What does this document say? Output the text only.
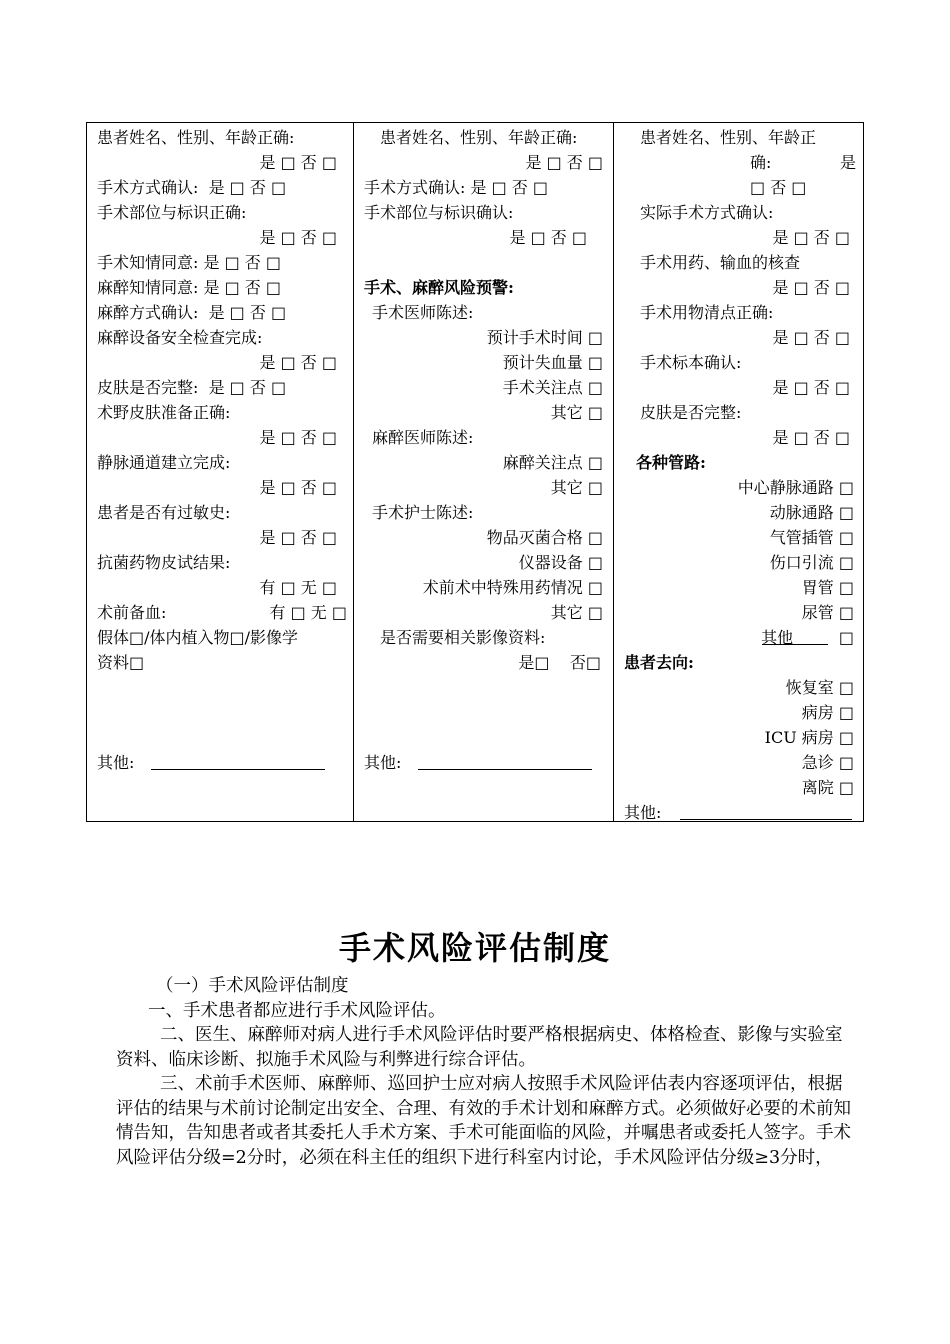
患者姓名、性别、年龄正确:
是 □ 否 □
手术方式确认:  是 □ 否 □
手术部位与标识正确:
是 □ 否 □
手术知情同意: 是 □ 否 □
麻醉知情同意: 是 □ 否 □
麻醉方式确认:  是 □ 否 □
麻醉设备安全检查完成:
是 □ 否 □
皮肤是否完整:  是 □ 否 □
术野皮肤准备正确:
是 □ 否 □
静脉通道建立完成:
是 □ 否 □
患者是否有过敏史:
是 □ 否 □
抗菌药物皮试结果:
有 □ 无 □
术前备血:	有 □ 无 □
假体□/体内植入物□/影像学
资料□
其他:
患者姓名、性别、年龄正确:
是 □ 否 □
手术方式确认: 是 □ 否 □
手术部位与标识确认:
是 □ 否 □
手术、麻醉风险预警:
手术医师陈述:
预计手术时间 □
预计失血量 □
手术关注点 □
其它 □
麻醉医师陈述:
麻醉关注点 □
其它 □
手术护士陈述:
物品灭菌合格 □
仪器设备 □
术前术中特殊用药情况 □
其它 □
是否需要相关影像资料:
是□    否□
其他:
患者姓名、性别、年龄正
确:	是
□ 否 □
实际手术方式确认:
是 □ 否 □
手术用药、输血的核查
是 □ 否 □
手术用物清点正确:
是 □ 否 □
手术标本确认:
是 □ 否 □
皮肤是否完整:
是 □ 否 □
各种管路:
中心静脉通路 □
动脉通路 □
气管插管 □
伤口引流 □
胃管 □
尿管 □
其他         □
患者去向:
恢复室 □
病房 □
ICU 病房 □
急诊 □
离院 □
其他:
手术风险评估制度

（一）手术风险评估制度

一、手术患者都应进行手术风险评估。

二、医生、麻醉师对病人进行手术风险评估时要严格根据病史、体格检查、影像与实验室资料、临床诊断、拟施手术风险与利弊进行综合评估。

三、术前手术医师、麻醉师、巡回护士应对病人按照手术风险评估表内容逐项评估，根据评估的结果与术前讨论制定出安全、合理、有效的手术计划和麻醉方式。必须做好必要的术前知情告知，告知患者或者其委托人手术方案、手术可能面临的风险，并嘱患者或委托人签字。手术风险评估分级=2分时，必须在科主任的组织下进行科室内讨论，手术风险评估分级≥3分时，
